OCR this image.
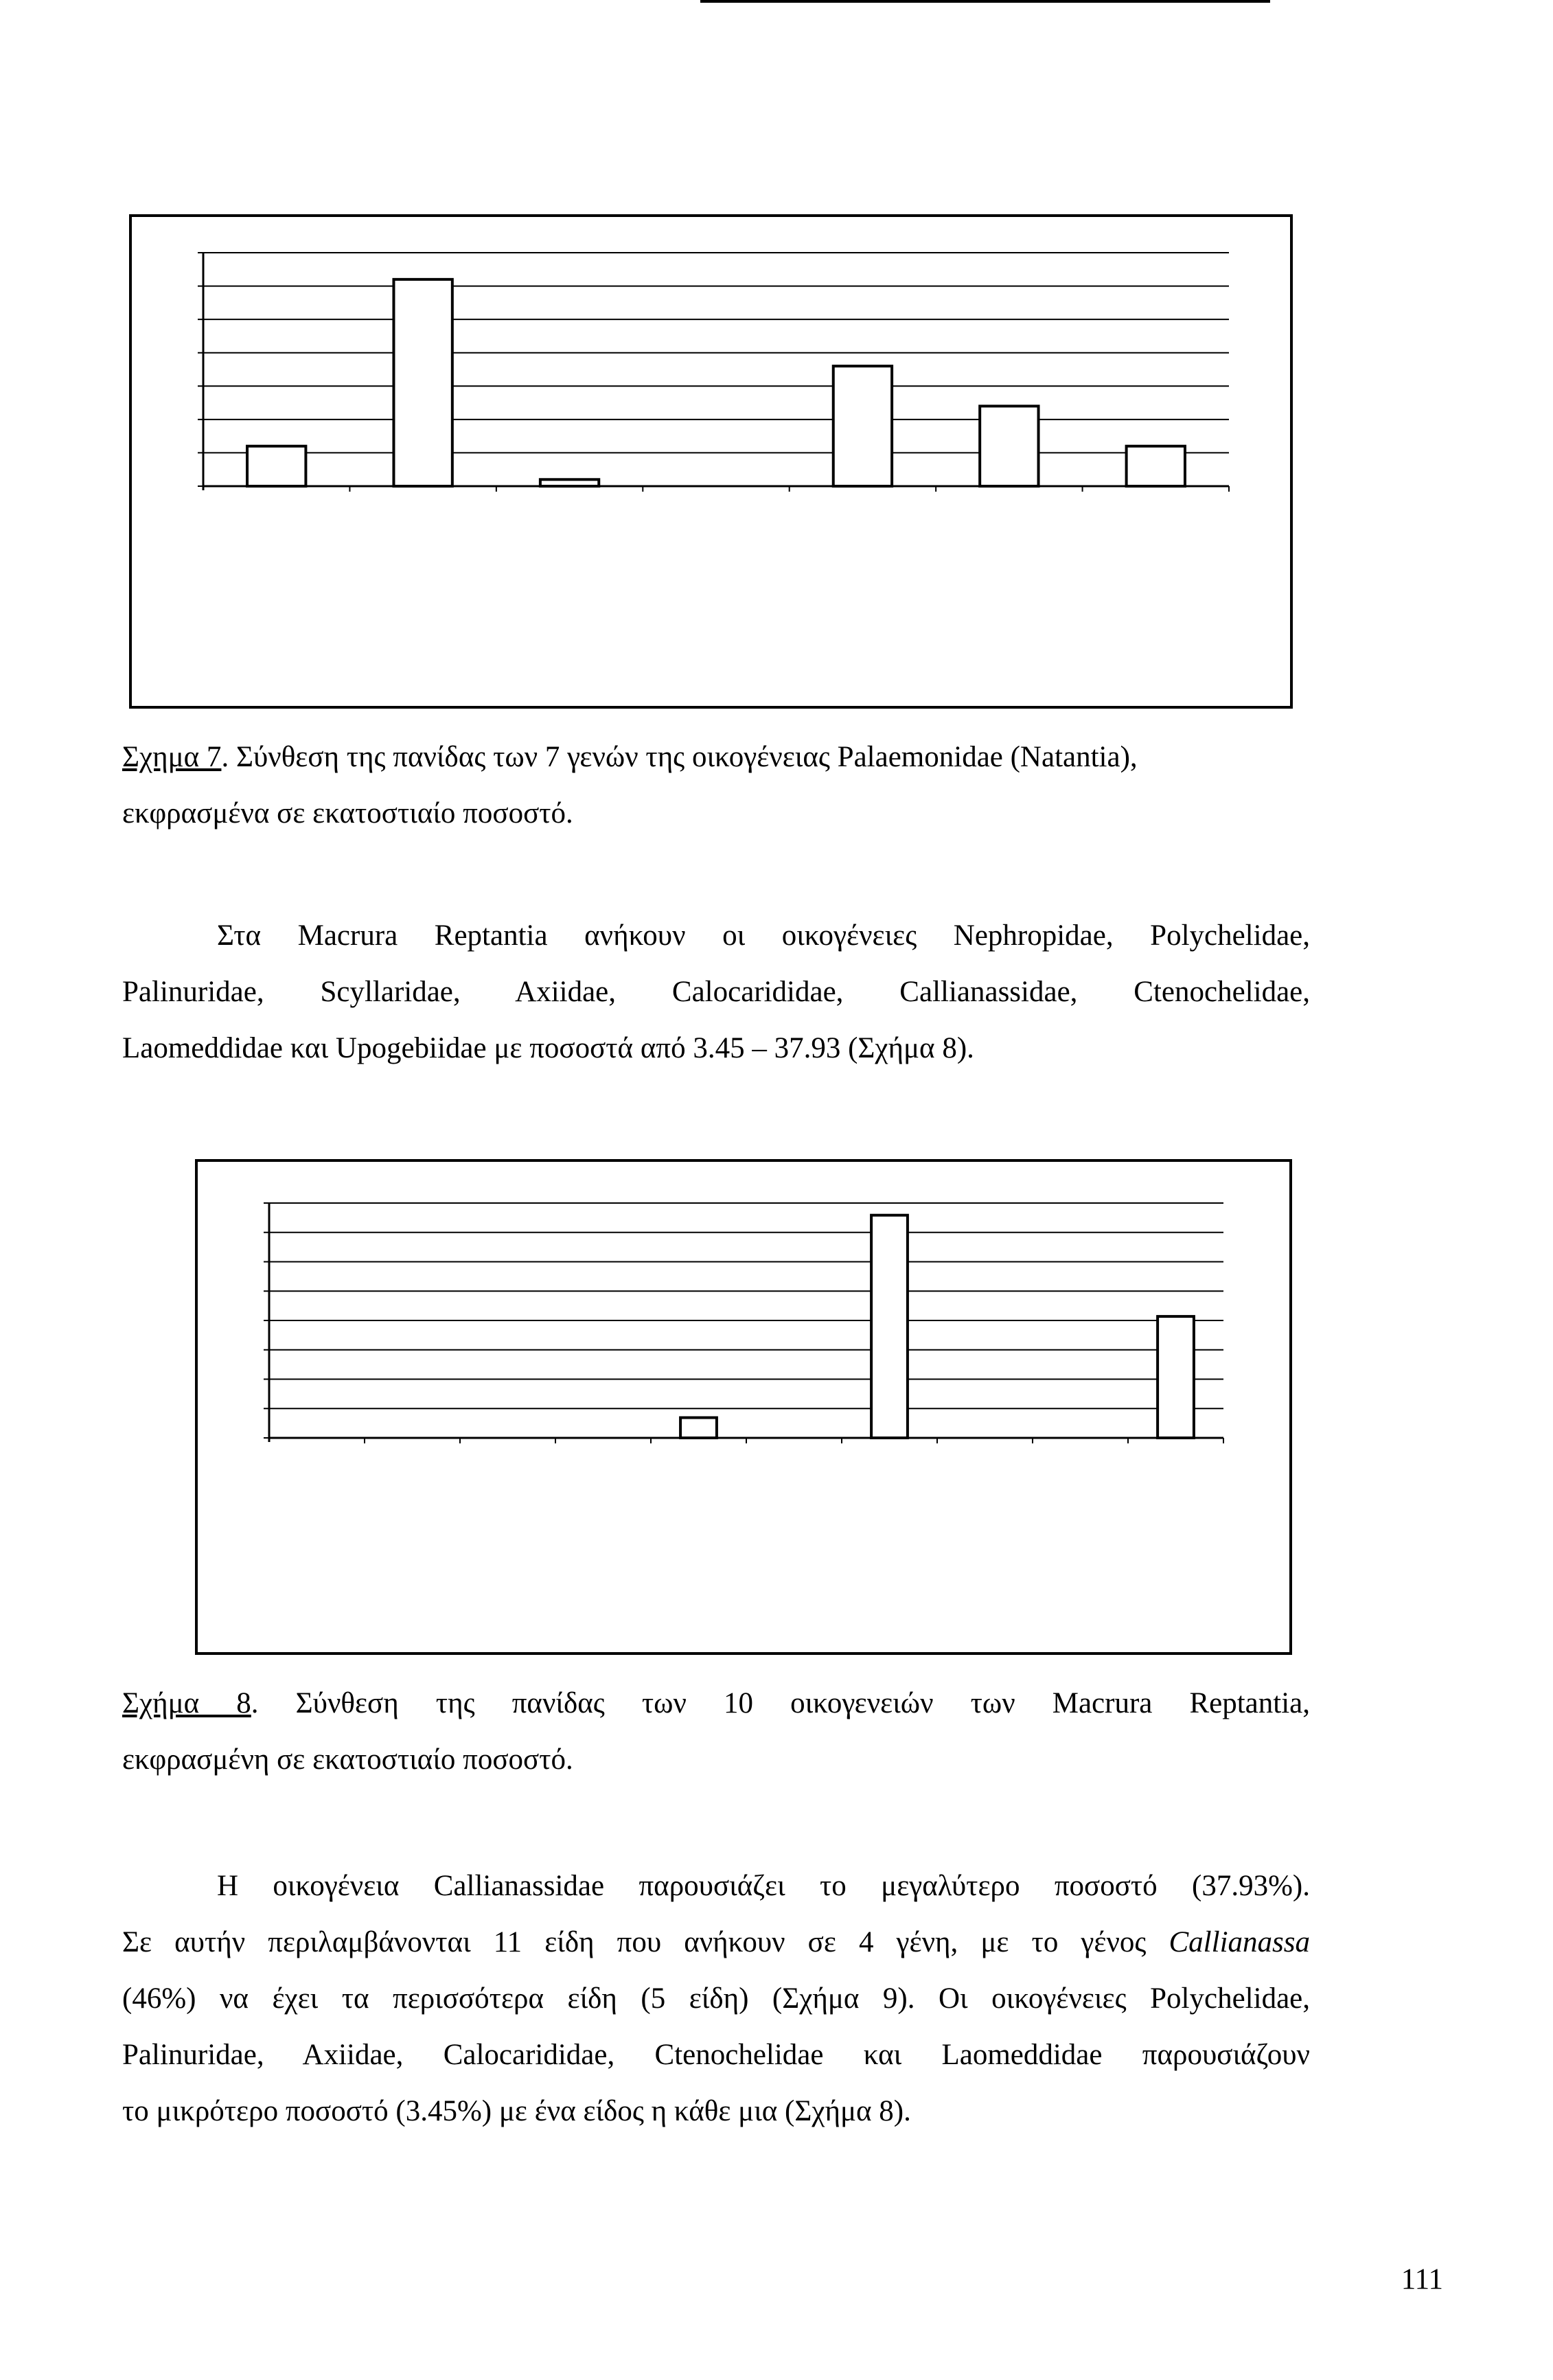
Σχημα 7. Σύνθεση της πανίδας των 7 γενών της οικογένειας Palaemonidae (Natantia),
εκφρασμένα σε εκατοστιαίο ποσοστό.

Στα Macrura Reptantia ανήκουν οι οικογένειες Nephropidae, Polychelidae,
Palinuridae, Scyllaridae, Axiidae, Calocarididae, Callianassidae, Ctenochelidae,
Laomeddidae και Upogebiidae με ποσοστά από 3.45 – 37.93 (Σχήμα 8).

Σχήμα 8. Σύνθεση της πανίδας των 10 οικογενειών των Macrura Reptantia,
εκφρασμένη σε εκατοστιαίο ποσοστό.

Η οικογένεια Callianassidae παρουσιάζει το μεγαλύτερο ποσοστό (37.93%).
Σε αυτήν περιλαμβάνονται 11 είδη που ανήκουν σε 4 γένη, με το γένος Callianassa
(46%) να έχει τα περισσότερα είδη (5 είδη) (Σχήμα 9). Οι οικογένειες Polychelidae,
Palinuridae, Axiidae, Calocarididae, Ctenochelidae και Laomeddidae παρουσιάζουν
το μικρότερο ποσοστό (3.45%) με ένα είδος η κάθε μια (Σχήμα 8).
111
